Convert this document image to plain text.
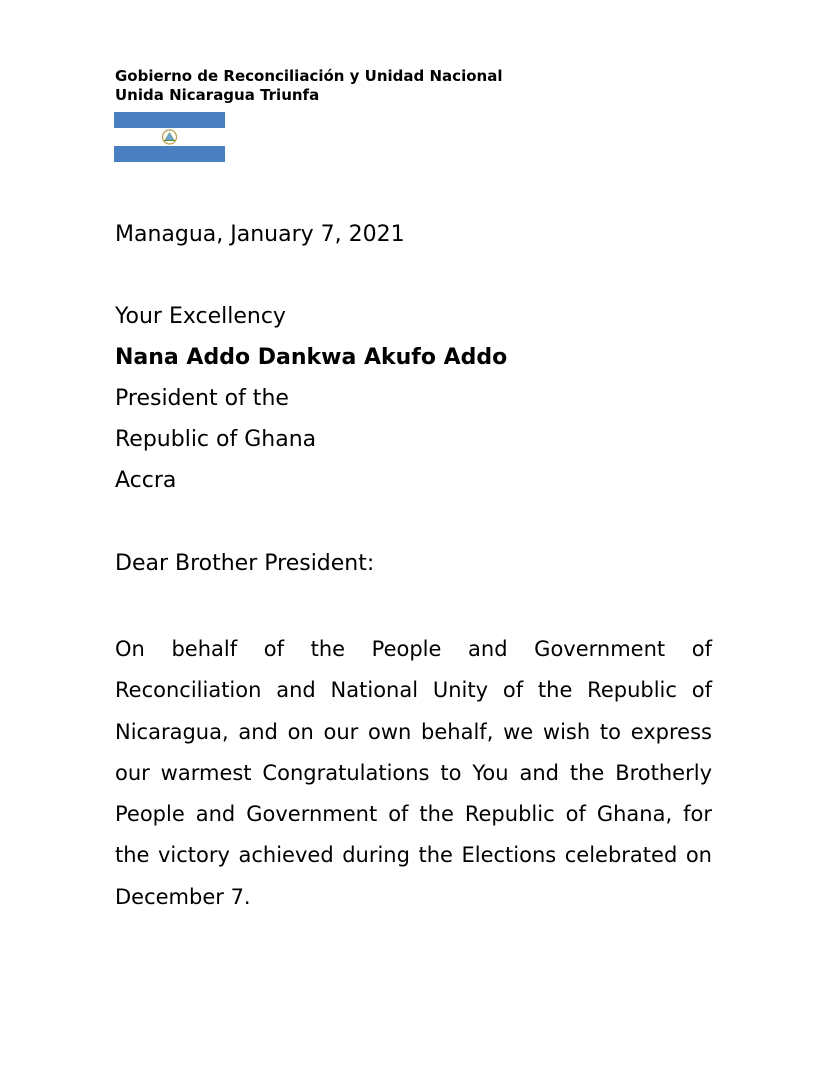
Gobierno de Reconciliación y Unidad Nacional
Unida Nicaragua Triunfa
Managua, January 7, 2021
Your Excellency
Nana Addo Dankwa Akufo Addo
President of the
Republic of Ghana
Accra
Dear Brother President:
On behalf of the People and Government of
Reconciliation and National Unity of the Republic of
Nicaragua, and on our own behalf, we wish to express
our warmest Congratulations to You and the Brotherly
People and Government of the Republic of Ghana, for
the victory achieved during the Elections celebrated on
December 7.
